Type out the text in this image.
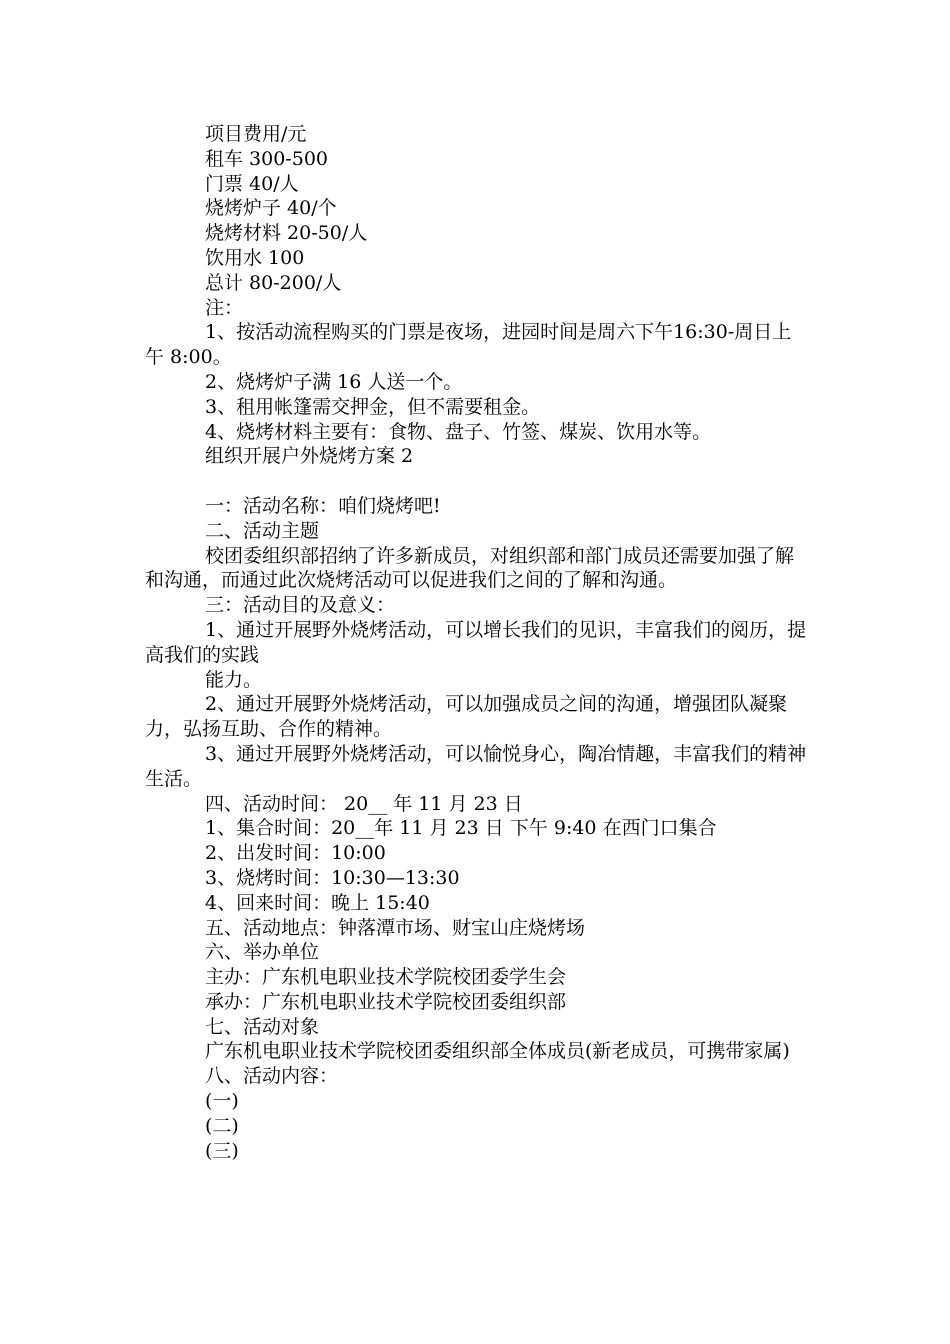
项目费用/元

租车 300-500

门票 40/人

烧烤炉子 40/个

烧烤材料 20-50/人

饮用水 100

总计 80-200/人

注：

1、按活动流程购买的门票是夜场，进园时间是周六下午16:30-周日上午 8:00。

2、烧烤炉子满 16 人送一个。

3、租用帐篷需交押金，但不需要租金。

4、烧烤材料主要有：食物、盘子、竹签、煤炭、饮用水等。

组织开展户外烧烤方案 2

一：活动名称：咱们烧烤吧!

二、活动主题

校团委组织部招纳了许多新成员，对组织部和部门成员还需要加强了解和沟通，而通过此次烧烤活动可以促进我们之间的了解和沟通。

三：活动目的及意义：

1、通过开展野外烧烤活动，可以增长我们的见识，丰富我们的阅历，提高我们的实践

能力。

2、通过开展野外烧烤活动，可以加强成员之间的沟通，增强团队凝聚力，弘扬互助、合作的精神。

3、通过开展野外烧烤活动，可以愉悦身心，陶冶情趣，丰富我们的精神生活。

四、活动时间： 20__ 年 11 月 23 日

1、集合时间：20__年 11 月 23 日 下午 9:40 在西门口集合

2、出发时间：10:00

3、烧烤时间：10:30—13:30

4、回来时间：晚上 15:40

五、活动地点：钟落潭市场、财宝山庄烧烤场

六、举办单位

主办：广东机电职业技术学院校团委学生会

承办：广东机电职业技术学院校团委组织部

七、活动对象

广东机电职业技术学院校团委组织部全体成员(新老成员，可携带家属)

八、活动内容：

(一)

(二)

(三)
